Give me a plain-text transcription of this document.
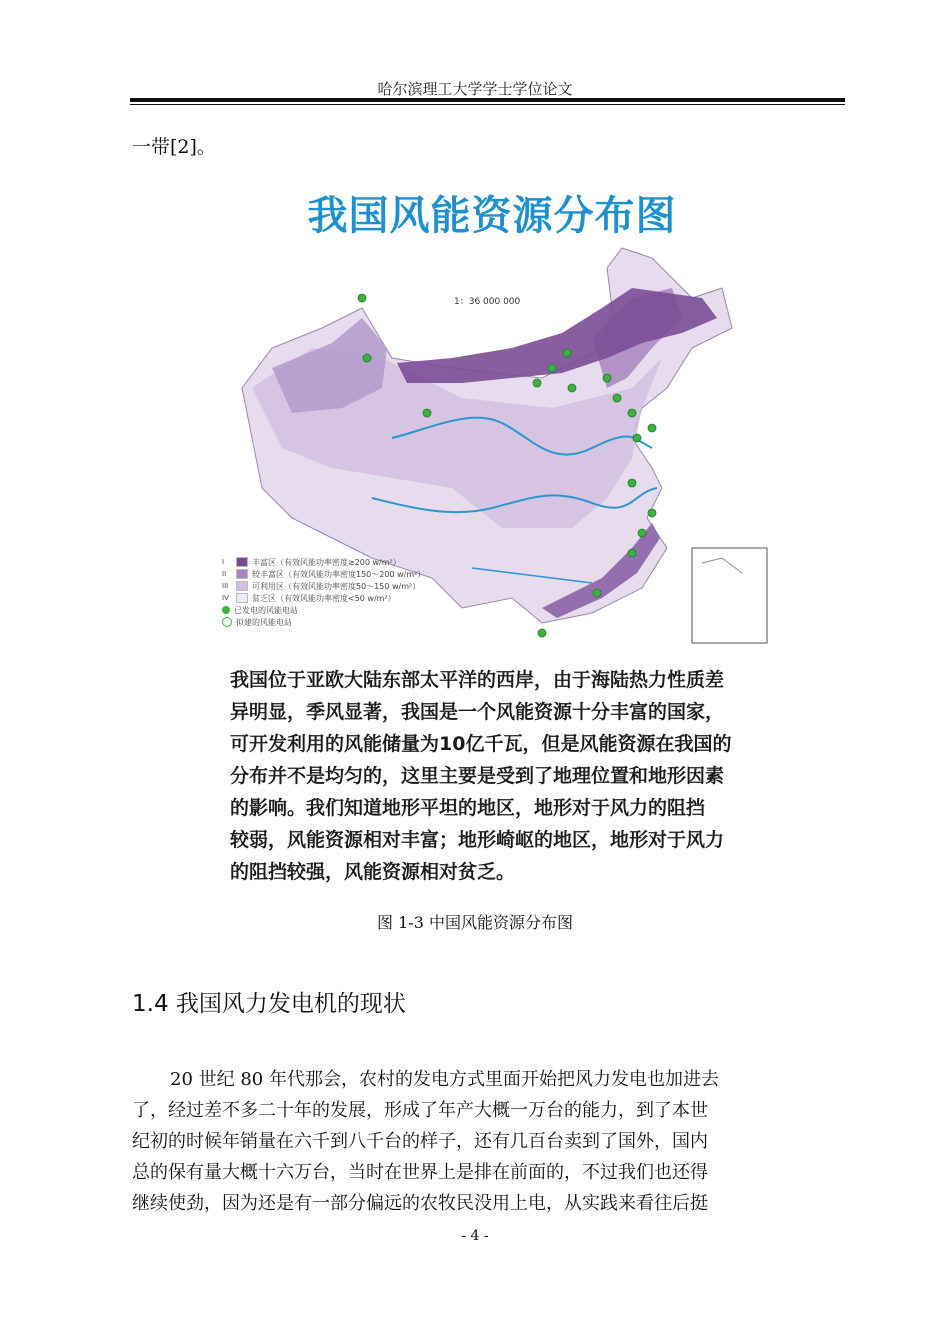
哈尔滨理工大学学士学位论文
一带[2]。
我国风能资源分布图
1：36 000 000
I	丰富区（有效风能功率密度≥200 w/m²）
II	较丰富区（有效风能功率密度150～200 w/m²）
III	可利用区（有效风能功率密度50～150 w/m²）
IV	贫乏区（有效风能功率密度<50 w/m²）
已发电的风能电站
拟建的风能电站
我国位于亚欧大陆东部太平洋的西岸，由于海陆热力性质差
异明显，季风显著，我国是一个风能资源十分丰富的国家，
可开发利用的风能储量为10亿千瓦，但是风能资源在我国的
分布并不是均匀的，这里主要是受到了地理位置和地形因素
的影响。我们知道地形平坦的地区，地形对于风力的阻挡
较弱，风能资源相对丰富；地形崎岖的地区，地形对于风力
的阻挡较强，风能资源相对贫乏。
图 1-3 中国风能资源分布图
1.4 我国风力发电机的现状
20 世纪 80 年代那会，农村的发电方式里面开始把风力发电也加进去
了，经过差不多二十年的发展，形成了年产大概一万台的能力，到了本世
纪初的时候年销量在六千到八千台的样子，还有几百台卖到了国外，国内
总的保有量大概十六万台，当时在世界上是排在前面的，不过我们也还得
继续使劲，因为还是有一部分偏远的农牧民没用上电，从实践来看往后挺
- 4 -
